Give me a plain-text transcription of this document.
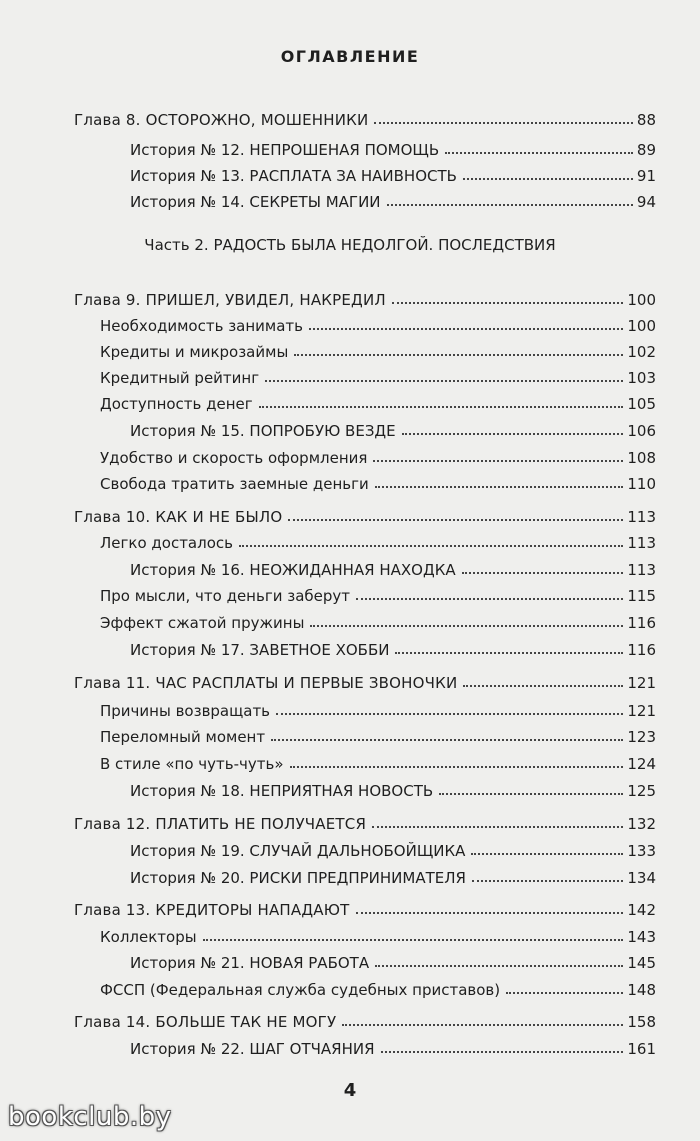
ОГЛАВЛЕНИЕ
Часть 2. РАДОСТЬ БЫЛА НЕДОЛГОЙ. ПОСЛЕДСТВИЯ
Глава 8. ОСТОРОЖНО, МОШЕННИКИ	88
История № 12. НЕПРОШЕНАЯ ПОМОЩЬ	89
История № 13. РАСПЛАТА ЗА НАИВНОСТЬ	91
История № 14. СЕКРЕТЫ МАГИИ	94
Глава 9. ПРИШЕЛ, УВИДЕЛ, НАКРЕДИЛ	100
Необходимость занимать	100
Кредиты и микрозаймы	102
Кредитный рейтинг	103
Доступность денег	105
История № 15. ПОПРОБУЮ ВЕЗДЕ	106
Удобство и скорость оформления	108
Свобода тратить заемные деньги	110
Глава 10. КАК И НЕ БЫЛО	113
Легко досталось	113
История № 16. НЕОЖИДАННАЯ НАХОДКА	113
Про мысли, что деньги заберут	115
Эффект сжатой пружины	116
История № 17. ЗАВЕТНОЕ ХОББИ	116
Глава 11. ЧАС РАСПЛАТЫ И ПЕРВЫЕ ЗВОНОЧКИ	121
Причины возвращать	121
Переломный момент	123
В стиле «по чуть-чуть»	124
История № 18. НЕПРИЯТНАЯ НОВОСТЬ	125
Глава 12. ПЛАТИТЬ НЕ ПОЛУЧАЕТСЯ	132
История № 19. СЛУЧАЙ ДАЛЬНОБОЙЩИКА	133
История № 20. РИСКИ ПРЕДПРИНИМАТЕЛЯ	134
Глава 13. КРЕДИТОРЫ НАПАДАЮТ	142
Коллекторы	143
История № 21. НОВАЯ РАБОТА	145
ФССП (Федеральная служба судебных приставов)	148
Глава 14. БОЛЬШЕ ТАК НЕ МОГУ	158
История № 22. ШАГ ОТЧАЯНИЯ	161
4
bookclub.by
